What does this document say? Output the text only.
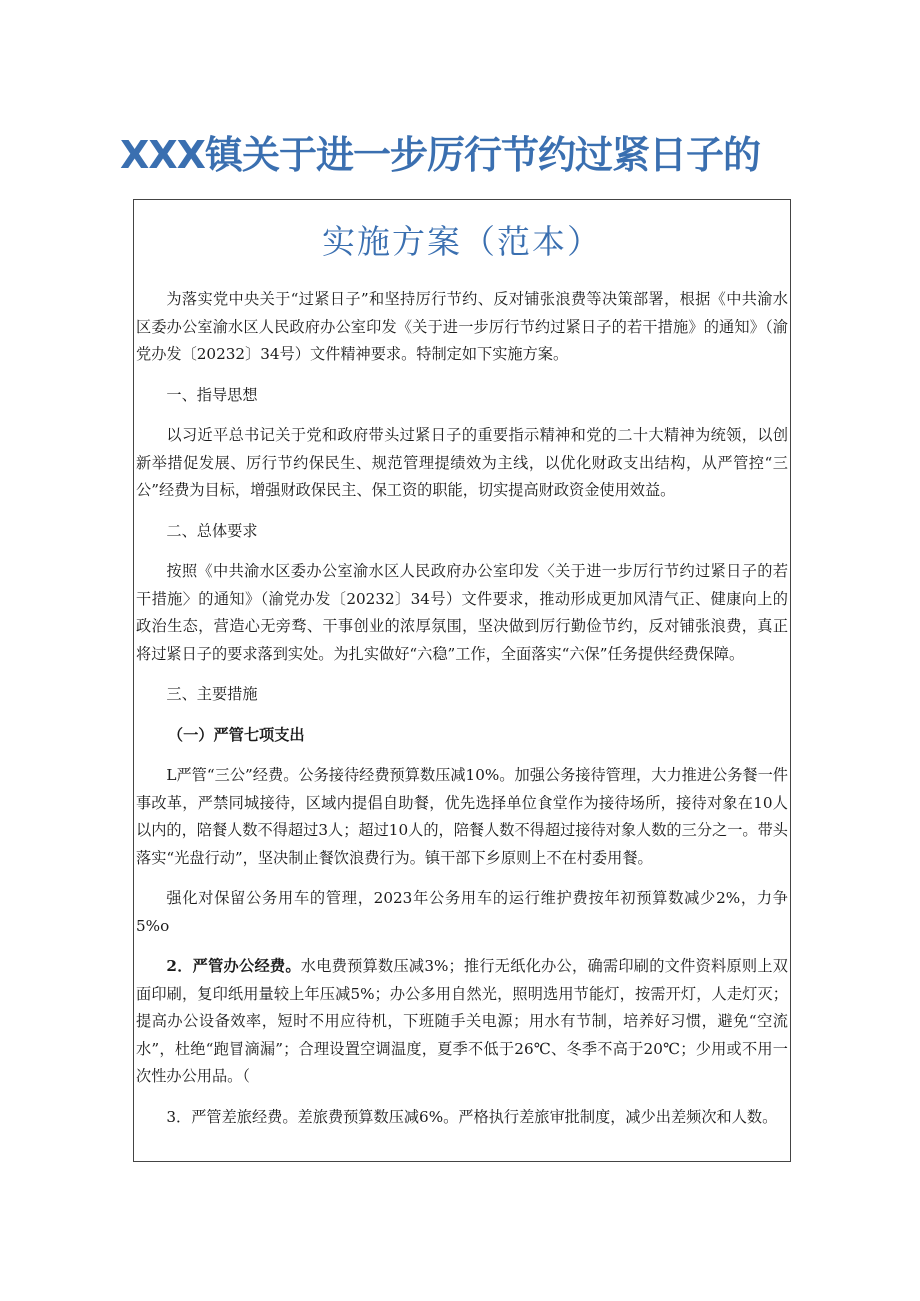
XXX镇关于进一步厉行节约过紧日子的
实施方案（范本）

为落实党中央关于“过紧日子”和坚持厉行节约、反对铺张浪费等决策部署，根据《中共渝水区委办公室渝水区人民政府办公室印发《关于进一步厉行节约过紧日子的若干措施》的通知》（渝党办发〔20232〕34号）文件精神要求。特制定如下实施方案。

一、指导思想

以习近平总书记关于党和政府带头过紧日子的重要指示精神和党的二十大精神为统领，以创新举措促发展、厉行节约保民生、规范管理提绩效为主线，以优化财政支出结构，从严管控“三公”经费为目标，增强财政保民主、保工资的职能，切实提高财政资金使用效益。

二、总体要求

按照《中共渝水区委办公室渝水区人民政府办公室印发〈关于进一步厉行节约过紧日子的若干措施〉的通知》（渝党办发〔20232〕34号）文件要求，推动形成更加风清气正、健康向上的政治生态，营造心无旁骛、干事创业的浓厚氛围，坚决做到厉行勤俭节约，反对铺张浪费，真正将过紧日子的要求落到实处。为扎实做好“六稳”工作，全面落实“六保”任务提供经费保障。

三、主要措施

（一）严管七项支出

L严管“三公”经费。公务接待经费预算数压减10%。加强公务接待管理，大力推进公务餐一件事改革，严禁同城接待，区域内提倡自助餐，优先选择单位食堂作为接待场所，接待对象在10人以内的，陪餐人数不得超过3人；超过10人的，陪餐人数不得超过接待对象人数的三分之一。带头落实“光盘行动”，坚决制止餐饮浪费行为。镇干部下乡原则上不在村委用餐。

强化对保留公务用车的管理，2023年公务用车的运行维护费按年初预算数减少2%，力争5%o

2．严管办公经费。水电费预算数压减3%；推行无纸化办公，确需印刷的文件资料原则上双面印刷，复印纸用量较上年压减5%；办公多用自然光，照明选用节能灯，按需开灯，人走灯灭；提高办公设备效率，短时不用应待机，下班随手关电源；用水有节制，培养好习惯，避免“空流水”，杜绝“跑冒滴漏”；合理设置空调温度，夏季不低于26℃、冬季不高于20℃；少用或不用一次性办公用品。（

3．严管差旅经费。差旅费预算数压减6%。严格执行差旅审批制度，减少出差频次和人数。
